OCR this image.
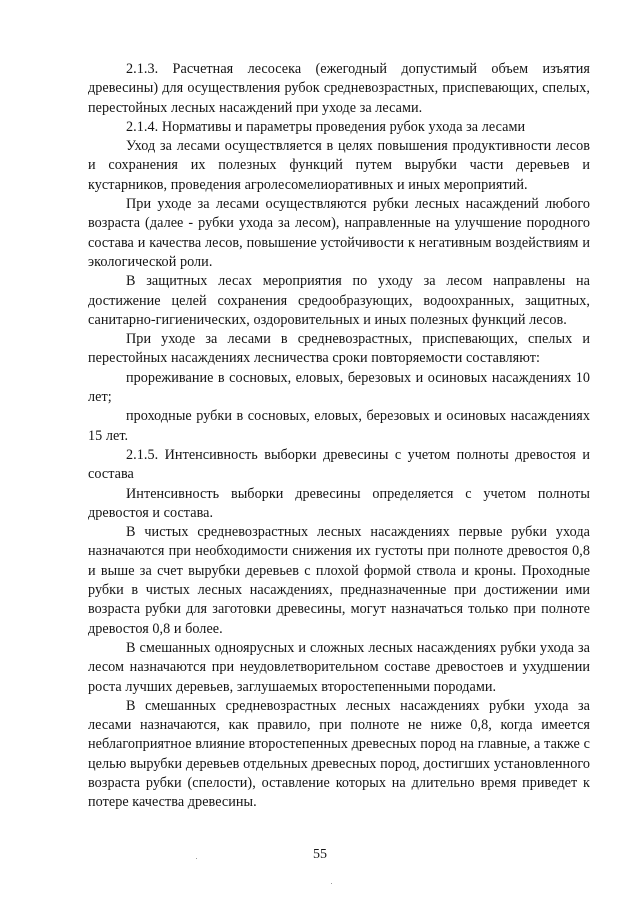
2.1.3. Расчетная лесосека (ежегодный допустимый объем изъятия древесины) для осуществления рубок средневозрастных, приспевающих, спелых, перестойных лесных насаждений при уходе за лесами.

2.1.4. Нормативы и параметры проведения рубок ухода за лесами

Уход за лесами осуществляется в целях повышения продуктивности лесов и сохранения их полезных функций путем вырубки части деревьев и кустарников, проведения агролесомелиоративных и иных мероприятий.

При уходе за лесами осуществляются рубки лесных насаждений любого возраста (далее - рубки ухода за лесом), направленные на улучшение породного состава и качества лесов, повышение устойчивости к негативным воздействиям и экологической роли.

В защитных лесах мероприятия по уходу за лесом направлены на достижение целей сохранения средообразующих, водоохранных, защитных, санитарно-гигиенических, оздоровительных и иных полезных функций лесов.

При уходе за лесами в средневозрастных, приспевающих, спелых и перестойных насаждениях лесничества сроки повторяемости составляют:

прореживание в сосновых, еловых, березовых и осиновых насаждениях 10 лет;

проходные рубки в сосновых, еловых, березовых и осиновых насаждениях 15 лет.

2.1.5. Интенсивность выборки древесины с учетом полноты древостоя и состава

Интенсивность выборки древесины определяется с учетом полноты древостоя и состава.

В чистых средневозрастных лесных насаждениях первые рубки ухода назначаются при необходимости снижения их густоты при полноте древостоя 0,8 и выше за счет вырубки деревьев с плохой формой ствола и кроны. Проходные рубки в чистых лесных насаждениях, предназначенные при достижении ими возраста рубки для заготовки древесины, могут назначаться только при полноте древостоя 0,8 и более.

В смешанных одноярусных и сложных лесных насаждениях рубки ухода за лесом назначаются при неудовлетворительном составе древостоев и ухудшении роста лучших деревьев, заглушаемых второстепенными породами.

В смешанных средневозрастных лесных насаждениях рубки ухода за лесами назначаются, как правило, при полноте не ниже 0,8, когда имеется неблагоприятное влияние второстепенных древесных пород на главные, а также с целью вырубки деревьев отдельных древесных пород, достигших установленного возраста рубки (спелости), оставление которых на длительно время приведет к потере качества древесины.

55
